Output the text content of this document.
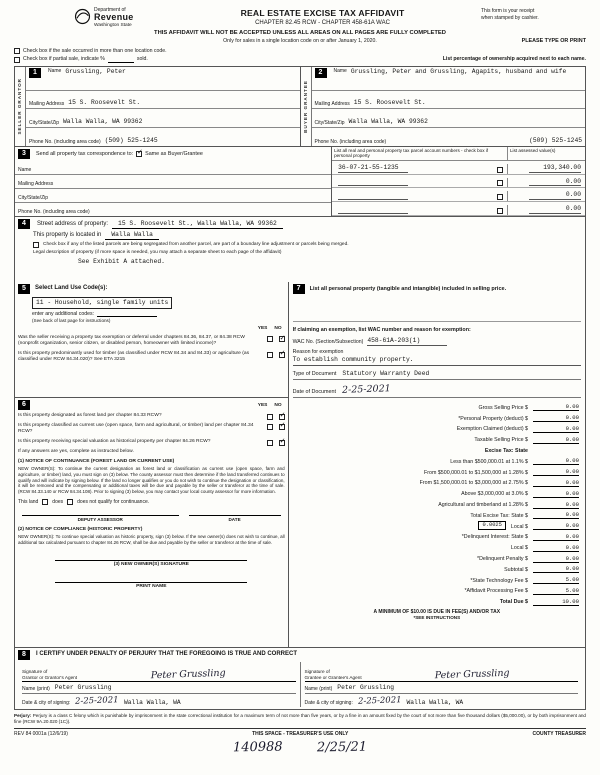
Department of
Revenue
Washington State
REAL ESTATE EXCISE TAX AFFIDAVIT
CHAPTER 82.45 RCW - CHAPTER 458-61A WAC
This form is your receipt
when stamped by cashier.
THIS AFFIDAVIT WILL NOT BE ACCEPTED UNLESS ALL AREAS ON ALL PAGES ARE FULLY COMPLETED
Only for sales in a single location code on or after January 1, 2020.	PLEASE TYPE OR PRINT
Check box if the sale occurred in more than one location code.
Check box if partial sale, indicate %	sold.	List percentage of ownership acquired next to each name.
SELLER GRANTOR
1	Name Grussling, Peter
Mailing Address 15 S. Roosevelt St.
City/State/Zip Walla Walla, WA 99362
Phone No. (including area code) (509) 525-1245
BUYER GRANTEE
2	Name Grussling, Peter and Grussling, Agapits, husband and wife
Mailing Address 15 S. Roosevelt St.
City/State/Zip Walla Walla, WA 99362
Phone No. (including area code)	(509) 525-1245
3	Send all property tax correspondence to: ✓ Same as Buyer/Grantee
Name
Mailing Address
City/State/Zip
Phone No. (including area code)
List all real and personal property tax parcel account numbers - check box if personal property
List assessed value(s)
36-07-21-55-1235	193,340.00
0.00
0.00
0.00
4	Street address of property:	15 S. Roosevelt St., Walla Walla, WA 99362
This property is located in	Walla Walla
Check box if any of the listed parcels are being segregated from another parcel, are part of a boundary line adjustment or parcels being merged.
Legal description of property (if more space is needed, you may attach a separate sheet to each page of the affidavit)
See Exhibit A attached.
5	Select Land Use Code(s):
11 - Household, single family units
enter any additional codes:
(See back of last page for instructions)
YES NO
Was the seller receiving a property tax exemption or deferral under chapters 84.36, 84.37, or 84.38 RCW (nonprofit organization, senior citizen, or disabled person, homeowner with limited income)?
✓
Is this property predominantly used for timber (as classified under RCW 84.34 and 84.33) or agriculture (as classified under RCW 84.34.020)? See ETA 3215
✓
6	YES NO
Is this property designated as forest land per chapter 84.33 RCW?
✓
Is this property classified as current use (open space, farm and agricultural, or timber) land per chapter 84.34 RCW?
✓
Is this property receiving special valuation as historical property per chapter 84.26 RCW?
✓
If any answers are yes, complete as instructed below.
(1) NOTICE OF CONTINUANCE (FOREST LAND OR CURRENT USE)
NEW OWNER(S): To continue the current designation as forest land or classification as current use (open space, farm and agriculture, or timber) land, you must sign on (3) below. The county assessor must then determine if the land transferred continues to qualify and will indicate by signing below. If the land no longer qualifies or you do not wish to continue the designation or classification, it will be removed and the compensating or additional taxes will be due and payable by the seller or transferor at the time of sale. (RCW 84.33.140 or RCW 84.34.108). Prior to signing (3) below, you may contact your local county assessor for more information.
This land	does	does not qualify for continuance.
DEPUTY ASSESSOR	DATE
(2) NOTICE OF COMPLIANCE (HISTORIC PROPERTY)
NEW OWNER(S): To continue special valuation as historic property, sign (3) below. If the new owner(s) does not wish to continue, all additional tax calculated pursuant to chapter 84.26 RCW, shall be due and payable by the seller or transferor at the time of sale.
(3) NEW OWNER(S) SIGNATURE
PRINT NAME
7	List all personal property (tangible and intangible) included in selling price.
If claiming an exemption, list WAC number and reason for exemption:
WAC No. (Section/Subsection) 458-61A-203(1)
Reason for exemption
To establish community property.
Type of Document Statutory Warranty Deed
Date of Document 2-25-2021
Gross Selling Price $	0.00
*Personal Property (deduct) $	0.00
Exemption Claimed (deduct) $	0.00
Taxable Selling Price $	0.00
Excise Tax: State
Less than $500,000.01 at 1.1% $	0.00
From $500,000.01 to $1,500,000 at 1.28% $	0.00
From $1,500,000.01 to $3,000,000 at 2.75% $	0.00
Above $3,000,000 at 3.0% $	0.00
Agricultural and timberland at 1.28% $	0.00
Total Excise Tax: State $	0.00
0.0025	Local $	0.00
*Delinquent Interest: State $	0.00
Local $	0.00
*Delinquent Penalty $	0.00
Subtotal $	0.00
*State Technology Fee $	5.00
*Affidavit Processing Fee $	5.00
Total Due $	10.00
A MINIMUM OF $10.00 IS DUE IN FEE(S) AND/OR TAX
*SEE INSTRUCTIONS
8	I CERTIFY UNDER PENALTY OF PERJURY THAT THE FOREGOING IS TRUE AND CORRECT
Signature of
Grantor or Grantor's Agent	Peter Grussling
Name (print) Peter Grussling
Date & city of signing: 2-25-2021 Walla Walla, WA
Signature of
Grantee or Grantee's Agent	Peter Grussling
Name (print) Peter Grussling
Date & city of signing: 2-25-2021 Walla Walla, WA
Perjury: Perjury is a class C felony which is punishable by imprisonment in the state correctional institution for a maximum term of not more than five years, or by a fine in an amount fixed by the court of not more than five thousand dollars ($5,000.00), or by both imprisonment and fine (RCW 9A.20.020 (1C)).
REV 84 0001a (12/6/19)	THIS SPACE - TREASURER'S USE ONLY	COUNTY TREASURER
140988	2/25/21
